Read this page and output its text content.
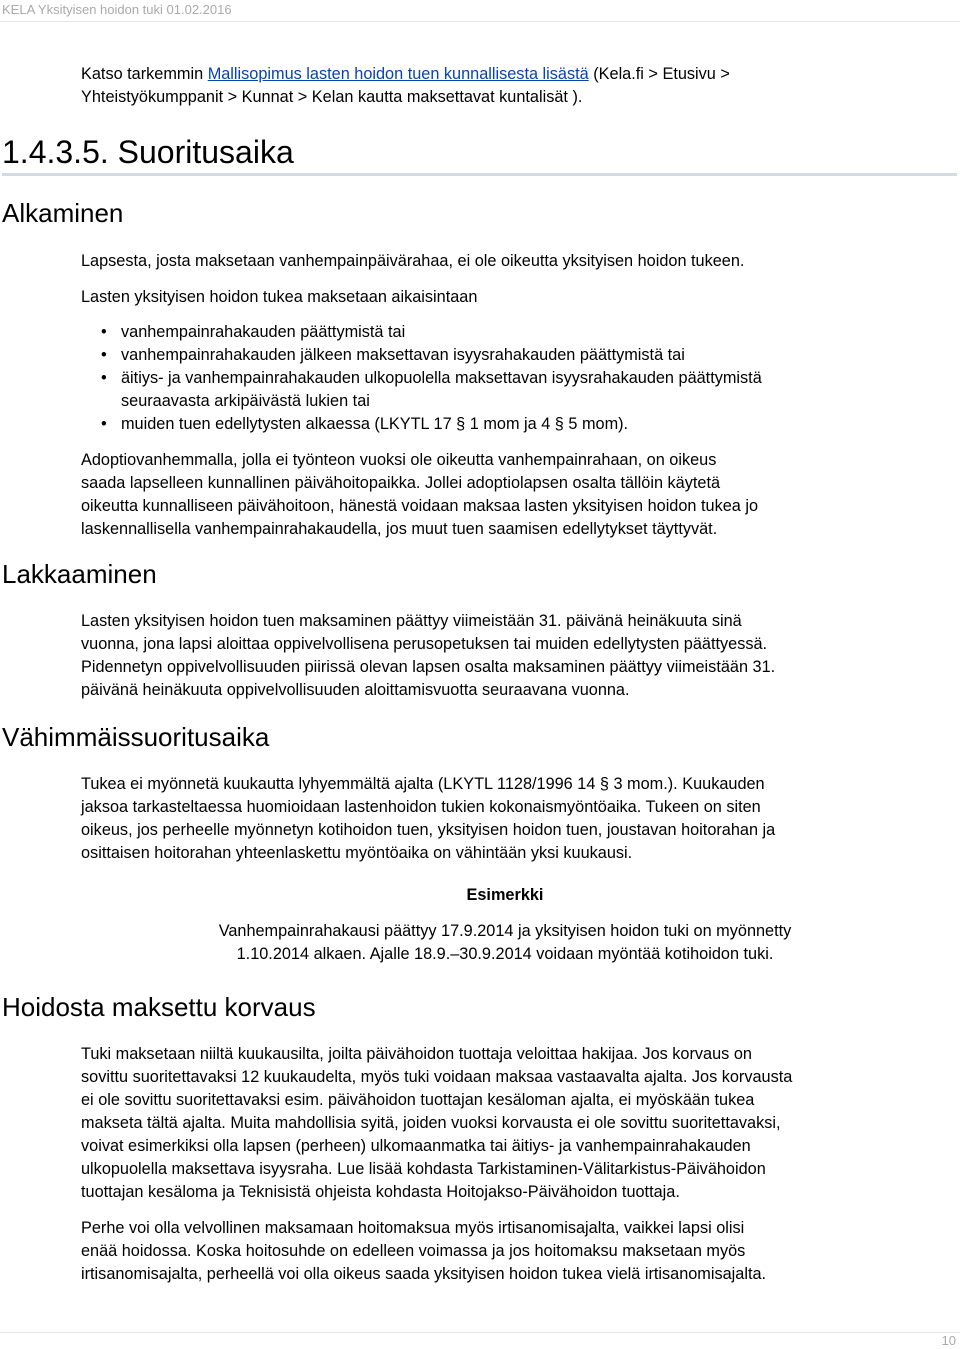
KELA Yksityisen hoidon tuki 01.02.2016

Katso tarkemmin Mallisopimus lasten hoidon tuen kunnallisesta lisästä (Kela.fi > Etusivu >

Yhteistyökumppanit > Kunnat > Kelan kautta maksettavat kuntalisät ).

1.4.3.5. Suoritusaika
Alkaminen

Lapsesta, josta maksetaan vanhempainpäivärahaa, ei ole oikeutta yksityisen hoidon tukeen.

Lasten yksityisen hoidon tukea maksetaan aikaisintaan

• vanhempainrahakauden päättymistä tai
• vanhempainrahakauden jälkeen maksettavan isyysrahakauden päättymistä tai
• äitiys- ja vanhempainrahakauden ulkopuolella maksettavan isyysrahakauden päättymistä
seuraavasta arkipäivästä lukien tai
• muiden tuen edellytysten alkaessa (LKYTL 17 § 1 mom ja 4 § 5 mom).

Adoptiovanhemmalla, jolla ei työnteon vuoksi ole oikeutta vanhempainrahaan, on oikeus

saada lapselleen kunnallinen päivähoitopaikka. Jollei adoptiolapsen osalta tällöin käytetä

oikeutta kunnalliseen päivähoitoon, hänestä voidaan maksaa lasten yksityisen hoidon tukea jo

laskennallisella vanhempainrahakaudella, jos muut tuen saamisen edellytykset täyttyvät.

Lakkaaminen

Lasten yksityisen hoidon tuen maksaminen päättyy viimeistään 31. päivänä heinäkuuta sinä

vuonna, jona lapsi aloittaa oppivelvollisena perusopetuksen tai muiden edellytysten päättyessä.

Pidennetyn oppivelvollisuuden piirissä olevan lapsen osalta maksaminen päättyy viimeistään 31.

päivänä heinäkuuta oppivelvollisuuden aloittamisvuotta seuraavana vuonna.

Vähimmäissuoritusaika

Tukea ei myönnetä kuukautta lyhyemmältä ajalta (LKYTL 1128/1996 14 § 3 mom.). Kuukauden

jaksoa tarkasteltaessa huomioidaan lastenhoidon tukien kokonaismyöntöaika. Tukeen on siten

oikeus, jos perheelle myönnetyn kotihoidon tuen, yksityisen hoidon tuen, joustavan hoitorahan ja

osittaisen hoitorahan yhteenlaskettu myöntöaika on vähintään yksi kuukausi.

Esimerkki
Vanhempainrahakausi päättyy 17.9.2014 ja yksityisen hoidon tuki on myönnetty
1.10.2014 alkaen. Ajalle 18.9.–30.9.2014 voidaan myöntää kotihoidon tuki.
Hoidosta maksettu korvaus

Tuki maksetaan niiltä kuukausilta, joilta päivähoidon tuottaja veloittaa hakijaa. Jos korvaus on

sovittu suoritettavaksi 12 kuukaudelta, myös tuki voidaan maksaa vastaavalta ajalta. Jos korvausta

ei ole sovittu suoritettavaksi esim. päivähoidon tuottajan kesäloman ajalta, ei myöskään tukea

makseta tältä ajalta. Muita mahdollisia syitä, joiden vuoksi korvausta ei ole sovittu suoritettavaksi,

voivat esimerkiksi olla lapsen (perheen) ulkomaanmatka tai äitiys- ja vanhempainrahakauden

ulkopuolella maksettava isyysraha. Lue lisää kohdasta Tarkistaminen-Välitarkistus-Päivähoidon

tuottajan kesäloma ja Teknisistä ohjeista kohdasta Hoitojakso-Päivähoidon tuottaja.

Perhe voi olla velvollinen maksamaan hoitomaksua myös irtisanomisajalta, vaikkei lapsi olisi

enää hoidossa. Koska hoitosuhde on edelleen voimassa ja jos hoitomaksu maksetaan myös

irtisanomisajalta, perheellä voi olla oikeus saada yksityisen hoidon tukea vielä irtisanomisajalta.

10
